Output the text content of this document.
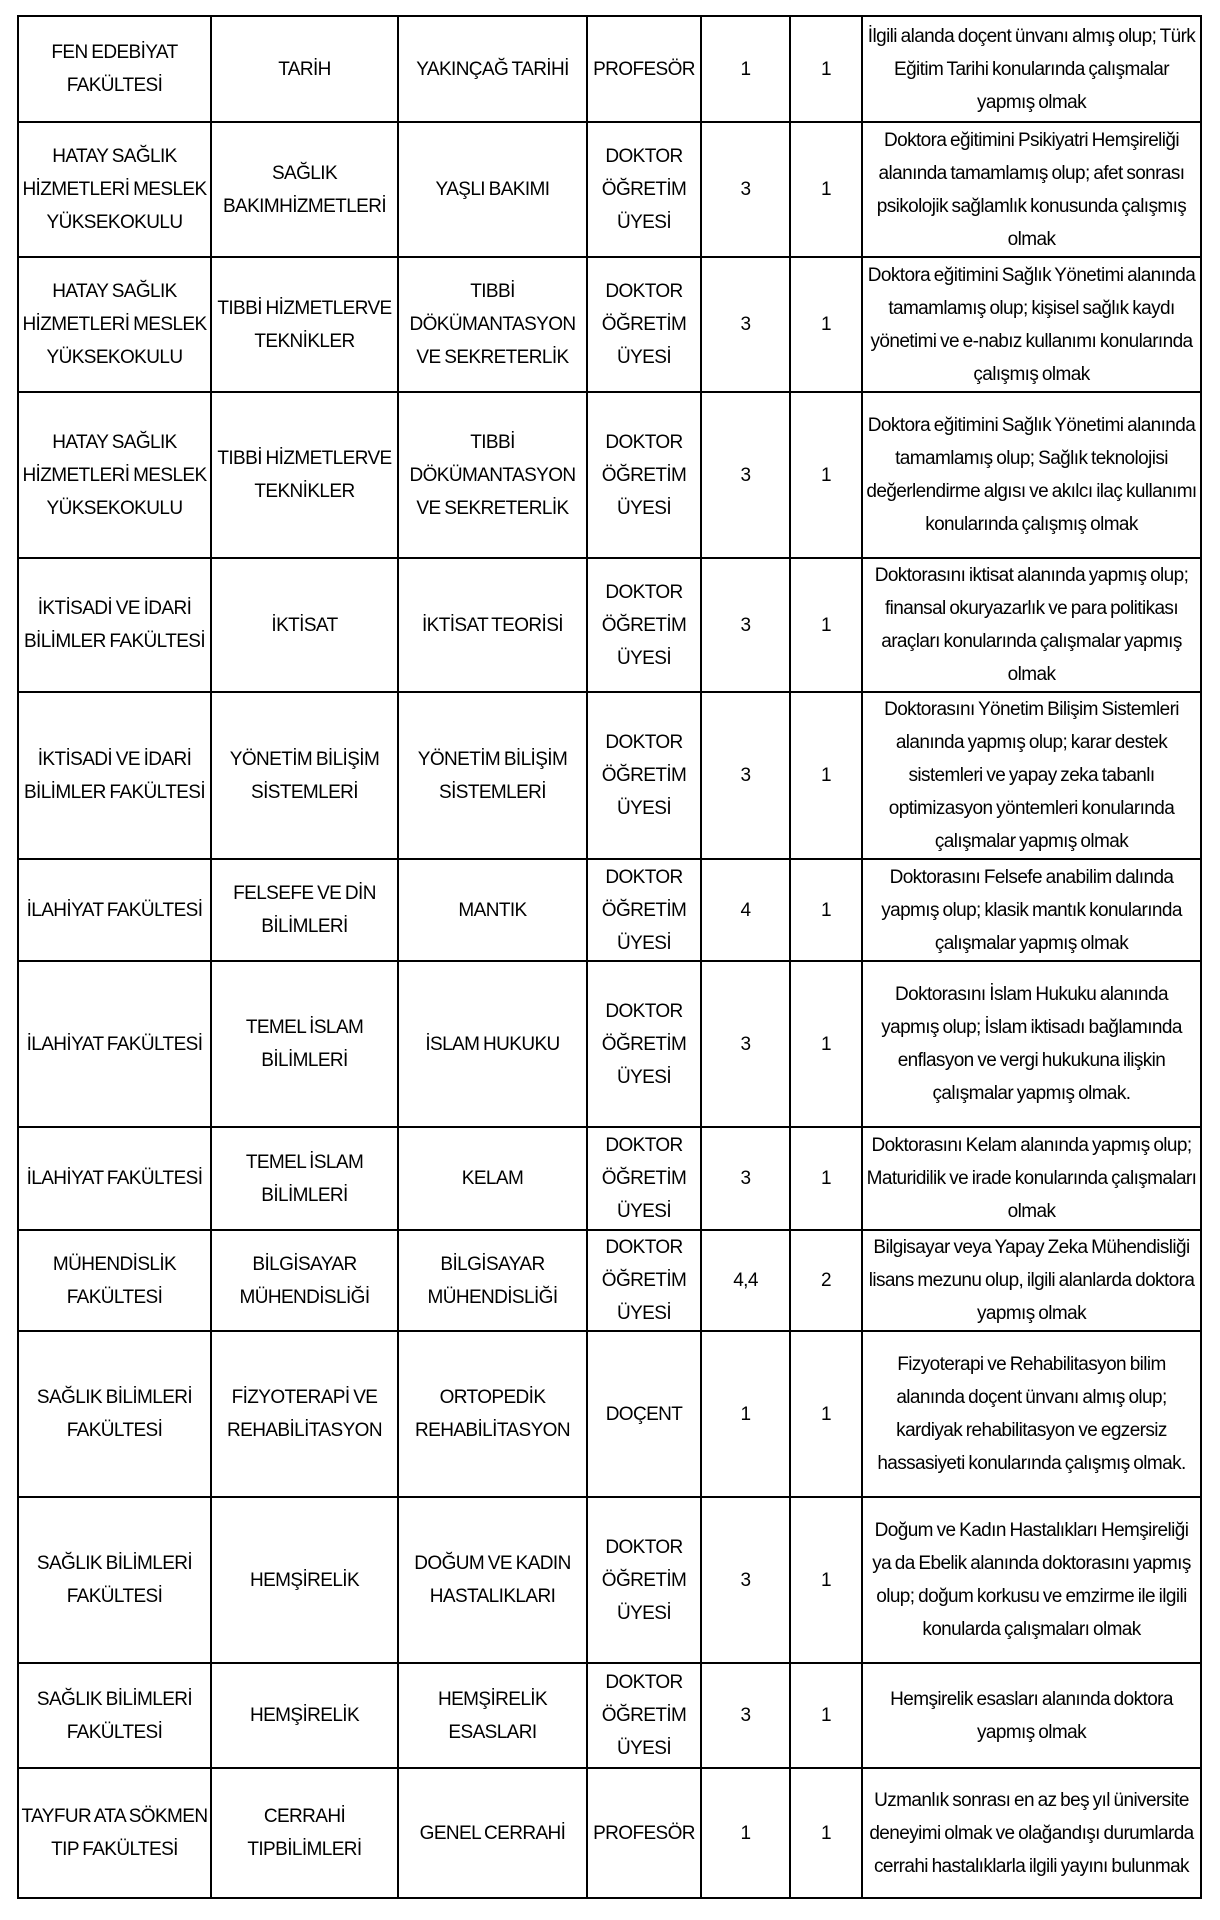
FEN EDEBİYAT FAKÜLTESİ	TARİH	YAKINÇAĞ TARİHİ	PROFESÖR	1	1	İlgili alanda doçent ünvanı almış olup; Türk Eğitim Tarihi konularında çalışmalar yapmış olmak
HATAY SAĞLIK HİZMETLERİ MESLEK YÜKSEKOKULU	SAĞLIK BAKIMHİZMETLERİ	YAŞLI BAKIMI	DOKTOR ÖĞRETİM ÜYESİ	3	1	Doktora eğitimini Psikiyatri Hemşireliği alanında tamamlamış olup; afet sonrası psikolojik sağlamlık konusunda çalışmış olmak
HATAY SAĞLIK HİZMETLERİ MESLEK YÜKSEKOKULU	TIBBİ HİZMETLERVE TEKNİKLER	TIBBİ DÖKÜMANTASYON VE SEKRETERLİK	DOKTOR ÖĞRETİM ÜYESİ	3	1	Doktora eğitimini Sağlık Yönetimi alanında tamamlamış olup; kişisel sağlık kaydı yönetimi ve e-nabız kullanımı konularında çalışmış olmak
HATAY SAĞLIK HİZMETLERİ MESLEK YÜKSEKOKULU	TIBBİ HİZMETLERVE TEKNİKLER	TIBBİ DÖKÜMANTASYON VE SEKRETERLİK	DOKTOR ÖĞRETİM ÜYESİ	3	1	Doktora eğitimini Sağlık Yönetimi alanında tamamlamış olup; Sağlık teknolojisi değerlendirme algısı ve akılcı ilaç kullanımı konularında çalışmış olmak
İKTİSADİ VE İDARİ BİLİMLER FAKÜLTESİ	İKTİSAT	İKTİSAT TEORİSİ	DOKTOR ÖĞRETİM ÜYESİ	3	1	Doktorasını iktisat alanında yapmış olup; finansal okuryazarlık ve para politikası araçları konularında çalışmalar yapmış olmak
İKTİSADİ VE İDARİ BİLİMLER FAKÜLTESİ	YÖNETİM BİLİŞİM SİSTEMLERİ	YÖNETİM BİLİŞİM SİSTEMLERİ	DOKTOR ÖĞRETİM ÜYESİ	3	1	Doktorasını Yönetim Bilişim Sistemleri alanında yapmış olup; karar destek sistemleri ve yapay zeka tabanlı optimizasyon yöntemleri konularında çalışmalar yapmış olmak
İLAHİYAT FAKÜLTESİ	FELSEFE VE DİN BİLİMLERİ	MANTIK	DOKTOR ÖĞRETİM ÜYESİ	4	1	Doktorasını Felsefe anabilim dalında yapmış olup; klasik mantık konularında çalışmalar yapmış olmak
İLAHİYAT FAKÜLTESİ	TEMEL İSLAM BİLİMLERİ	İSLAM HUKUKU	DOKTOR ÖĞRETİM ÜYESİ	3	1	Doktorasını İslam Hukuku alanında yapmış olup; İslam iktisadı bağlamında enflasyon ve vergi hukukuna ilişkin çalışmalar yapmış olmak.
İLAHİYAT FAKÜLTESİ	TEMEL İSLAM BİLİMLERİ	KELAM	DOKTOR ÖĞRETİM ÜYESİ	3	1	Doktorasını Kelam alanında yapmış olup; Maturidilik ve irade konularında çalışmaları olmak
MÜHENDİSLİK FAKÜLTESİ	BİLGİSAYAR MÜHENDİSLİĞİ	BİLGİSAYAR MÜHENDİSLİĞİ	DOKTOR ÖĞRETİM ÜYESİ	4,4	2	Bilgisayar veya Yapay Zeka Mühendisliği lisans mezunu olup, ilgili alanlarda doktora yapmış olmak
SAĞLIK BİLİMLERİ FAKÜLTESİ	FİZYOTERAPİ VE REHABİLİTASYON	ORTOPEDİK REHABİLİTASYON	DOÇENT	1	1	Fizyoterapi ve Rehabilitasyon bilim alanında doçent ünvanı almış olup; kardiyak rehabilitasyon ve egzersiz hassasiyeti konularında çalışmış olmak.
SAĞLIK BİLİMLERİ FAKÜLTESİ	HEMŞİRELİK	DOĞUM VE KADIN HASTALIKLARI	DOKTOR ÖĞRETİM ÜYESİ	3	1	Doğum ve Kadın Hastalıkları Hemşireliği ya da Ebelik alanında doktorasını yapmış olup; doğum korkusu ve emzirme ile ilgili konularda çalışmaları olmak
SAĞLIK BİLİMLERİ FAKÜLTESİ	HEMŞİRELİK	HEMŞİRELİK ESASLARI	DOKTOR ÖĞRETİM ÜYESİ	3	1	Hemşirelik esasları alanında doktora yapmış olmak
TAYFUR ATA SÖKMEN TIP FAKÜLTESİ	CERRAHİ TIPBİLİMLERİ	GENEL CERRAHİ	PROFESÖR	1	1	Uzmanlık sonrası en az beş yıl üniversite deneyimi olmak ve olağandışı durumlarda cerrahi hastalıklarla ilgili yayını bulunmak
